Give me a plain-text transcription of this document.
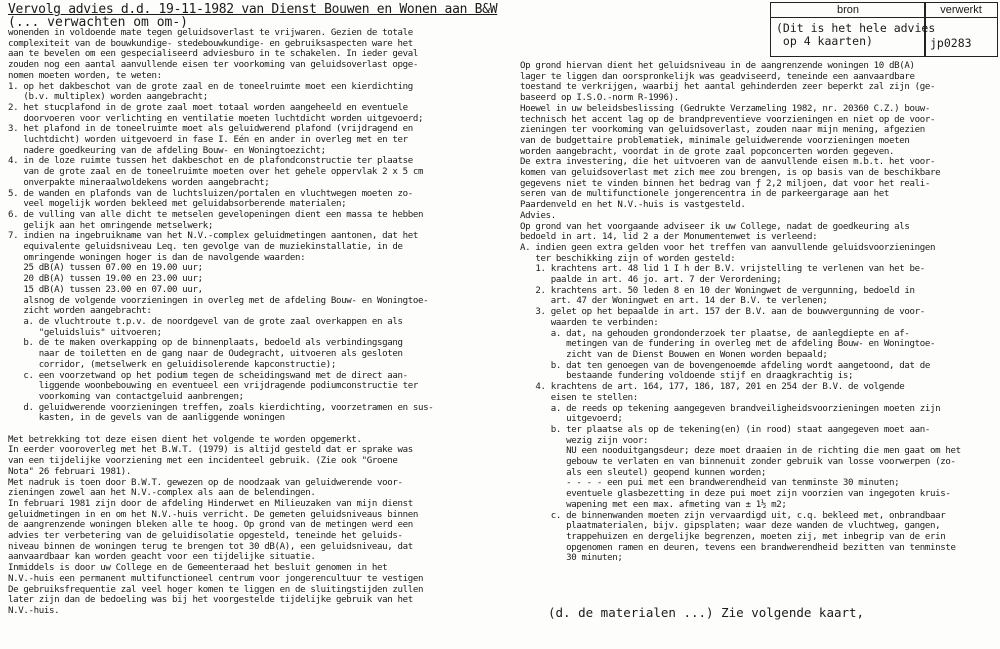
Vervolg advies d.d. 19-11-1982 van Dienst Bouwen en Wonen aan B&W
(... verwachten om om-)
bron	verwerkt
(Dit is het hele advies
op 4 kaarten)	jp0283

wonenden in voldoende mate tegen geluidsoverlast te vrijwaren. Gezien de totale

complexiteit van de bouwkundige- stedebouwkundige- en gebruiksaspecten ware het

aan te bevelen om een gespecialiseerd adviesburo in te schakelen. In ieder geval

zouden nog een aantal aanvullende eisen ter voorkoming van geluidsoverlast opge-

nomen moeten worden, te weten:

1. op het dakbeschot van de grote zaal en de toneelruimte moet een kierdichting

(b.v. multiplex) worden aangebracht;

2. het stucplafond in de grote zaal moet totaal worden aangeheeld en eventuele

doorvoeren voor verlichting en ventilatie moeten luchtdicht worden uitgevoerd;

3. het plafond in de toneelruimte moet als geluidwerend plafond (vrijdragend en

luchtdicht) worden uitgevoerd in fase I. Eén en ander in overleg met en ter

nadere goedkeuring van de afdeling Bouw- en Woningtoezicht;

4. in de loze ruimte tussen het dakbeschot en de plafondconstructie ter plaatse

van de grote zaal en de toneelruimte moeten over het gehele oppervlak 2 x 5 cm

onverpakte mineraalwoldekens worden aangebracht;

5. de wanden en plafonds van de luchtsluizen/portalen en vluchtwegen moeten zo-

veel mogelijk worden bekleed met geluidabsorberende materialen;

6. de vulling van alle dicht te metselen gevelopeningen dient een massa te hebben

gelijk aan het omringende metselwerk;

7. indien na ingebruikname van het N.V.-complex geluidmetingen aantonen, dat het

equivalente geluidsniveau Leq. ten gevolge van de muziekinstallatie, in de

omringende woningen hoger is dan de navolgende waarden:

25 dB(A) tussen 07.00 en 19.00 uur;

20 dB(A) tussen 19.00 en 23.00 uur;

15 dB(A) tussen 23.00 en 07.00 uur,

alsnog de volgende voorzieningen in overleg met de afdeling Bouw- en Woningtoe-

zicht worden aangebracht:

a. de vluchtroute t.p.v. de noordgevel van de grote zaal overkappen en als

"geluidsluis" uitvoeren;

b. de te maken overkapping op de binnenplaats, bedoeld als verbindingsgang

naar de toiletten en de gang naar de Oudegracht, uitvoeren als gesloten

corridor, (metselwerk en geluidisolerende kapconstructie);

c. een voorzetwand op het podium tegen de scheidingswand met de direct aan-

liggende woonbebouwing en eventueel een vrijdragende podiumconstructie ter

voorkoming van contactgeluid aanbrengen;

d. geluidwerende voorzieningen treffen, zoals kierdichting, voorzetramen en sus-

kasten, in de gevels van de aanliggende woningen

Met betrekking tot deze eisen dient het volgende te worden opgemerkt.

In eerder vooroverleg met het B.W.T. (1979) is altijd gesteld dat er sprake was

van een tijdelijke voorziening met een incidenteel gebruik. (Zie ook "Groene

Nota" 26 februari 1981).

Met nadruk is toen door B.W.T. gewezen op de noodzaak van geluidwerende voor-

zieningen zowel aan het N.V.-complex als aan de belendingen.

In februari 1981 zijn door de afdeling Hinderwet en Milieuzaken van mijn dienst

geluidmetingen in en om het N.V.-huis verricht. De gemeten geluidsniveaus binnen

de aangrenzende woningen bleken alle te hoog. Op grond van de metingen werd een

advies ter verbetering van de geluidisolatie opgesteld, teneinde het geluids-

niveau binnen de woningen terug te brengen tot 30 dB(A), een geluidsniveau, dat

aanvaardbaar kan worden geacht voor een tijdelijke situatie.

Inmiddels is door uw College en de Gemeenteraad het besluit genomen in het

N.V.-huis een permanent multifunctioneel centrum voor jongerencultuur te vestigen

De gebruiksfrequentie zal veel hoger komen te liggen en de sluitingstijden zullen

later zijn dan de bedoeling was bij het voorgestelde tijdelijke gebruik van het

N.V.-huis.

Op grond hiervan dient het geluidsniveau in de aangrenzende woningen 10 dB(A)

lager te liggen dan oorspronkelijk was geadviseerd, teneinde een aanvaardbare

toestand te verkrijgen, waarbij het aantal gehinderden zeer beperkt zal zijn (ge-

baseerd op I.S.O.-norm R-1996).

Hoewel in uw beleidsbeslissing (Gedrukte Verzameling 1982, nr. 20360 C.Z.) bouw-

technisch het accent lag op de brandpreventieve voorzieningen en niet op de voor-

zieningen ter voorkoming van geluidsoverlast, zouden naar mijn mening, afgezien

van de budgettaire problematiek, minimale geluidwerende voorzieningen moeten

worden aangebracht, voordat in de grote zaal popconcerten worden gegeven.

De extra investering, die het uitvoeren van de aanvullende eisen m.b.t. het voor-

komen van geluidsoverlast met zich mee zou brengen, is op basis van de beschikbare

gegevens niet te vinden binnen het bedrag van ƒ 2,2 miljoen, dat voor het reali-

seren van de multifunctionele jongerencentra in de parkeergarage aan het

Paardenveld en het N.V.-huis is vastgesteld.

Advies.

Op grond van het voorgaande adviseer ik uw College, nadat de goedkeuring als

bedoeld in art. 14, lid 2 a der Monumentenwet is verleend:

A. indien geen extra gelden voor het treffen van aanvullende geluidsvoorzieningen

ter beschikking zijn of worden gesteld:

1. krachtens art. 48 lid 1 I h der B.V. vrijstelling te verlenen van het be-

paalde in art. 46 jo. art. 7 der Verordening;

2. krachtens art. 50 leden 8 en 10 der Woningwet de vergunning, bedoeld in

art. 47 der Woningwet en art. 14 der B.V. te verlenen;

3. gelet op het bepaalde in art. 157 der B.V. aan de bouwvergunning de voor-

waarden te verbinden:

a. dat, na gehouden grondonderzoek ter plaatse, de aanlegdiepte en af-

metingen van de fundering in overleg met de afdeling Bouw- en Woningtoe-

zicht van de Dienst Bouwen en Wonen worden bepaald;

b. dat ten genoegen van de bovengenoemde afdeling wordt aangetoond, dat de

bestaande fundering voldoende stijf en draagkrachtig is;

4. krachtens de art. 164, 177, 186, 187, 201 en 254 der B.V. de volgende

eisen te stellen:

a. de reeds op tekening aangegeven brandveiligheidsvoorzieningen moeten zijn

uitgevoerd;

b. ter plaatse als op de tekening(en) (in rood) staat aangegeven moet aan-

wezig zijn voor:

NU een nooduitgangsdeur; deze moet draaien in de richting die men gaat om het

gebouw te verlaten en van binnenuit zonder gebruik van losse voorwerpen (zo-

als een sleutel) geopend kunnen worden;

- - - - een pui met een brandwerendheid van tenminste 30 minuten;

eventuele glasbezetting in deze pui moet zijn voorzien van ingegoten kruis-

wapening met een max. afmeting van ± 1½ m2;

c. de binnenwanden moeten zijn vervaardigd uit, c.q. bekleed met, onbrandbaar

plaatmaterialen, bijv. gipsplaten; waar deze wanden de vluchtweg, gangen,

trappehuizen en dergelijke begrenzen, moeten zij, met inbegrip van de erin

opgenomen ramen en deuren, tevens een brandwerendheid bezitten van tenminste

30 minuten;

(d. de materialen ...) Zie volgende kaart,
